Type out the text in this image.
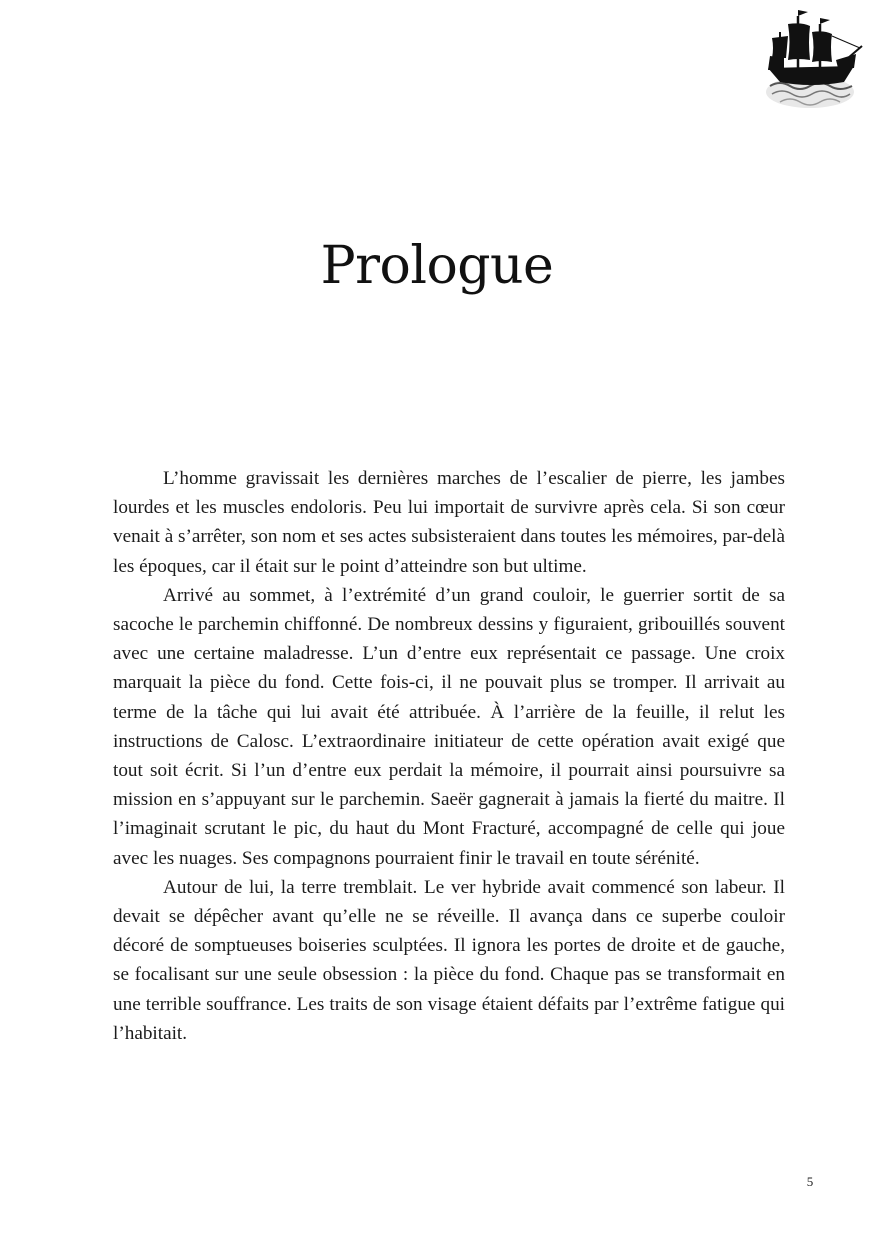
Prologue

L’homme gravissait les dernières marches de l’escalier de pierre, les jambes lourdes et les muscles endoloris. Peu lui importait de survivre après cela. Si son cœur venait à s’arrêter, son nom et ses actes subsisteraient dans toutes les mémoires, par-delà les époques, car il était sur le point d’atteindre son but ultime.

Arrivé au sommet, à l’extrémité d’un grand couloir, le guerrier sortit de sa sacoche le parchemin chiffonné. De nombreux dessins y figuraient, gribouillés souvent avec une certaine maladresse. L’un d’entre eux représentait ce passage. Une croix marquait la pièce du fond. Cette fois-ci, il ne pouvait plus se tromper. Il arrivait au terme de la tâche qui lui avait été attribuée. À l’arrière de la feuille, il relut les instructions de Calosc. L’extraordinaire initiateur de cette opération avait exigé que tout soit écrit. Si l’un d’entre eux perdait la mémoire, il pourrait ainsi poursuivre sa mission en s’appuyant sur le parchemin. Saeër gagnerait à jamais la fierté du maitre. Il l’imaginait scrutant le pic, du haut du Mont Fracturé, accompagné de celle qui joue avec les nuages. Ses compagnons pourraient finir le travail en toute sérénité.

Autour de lui, la terre tremblait. Le ver hybride avait commencé son labeur. Il devait se dépêcher avant qu’elle ne se réveille. Il avança dans ce superbe couloir décoré de somptueuses boiseries sculptées. Il ignora les portes de droite et de gauche, se focalisant sur une seule obsession : la pièce du fond. Chaque pas se transformait en une terrible souffrance. Les traits de son visage étaient défaits par l’extrême fatigue qui l’habitait.

5
